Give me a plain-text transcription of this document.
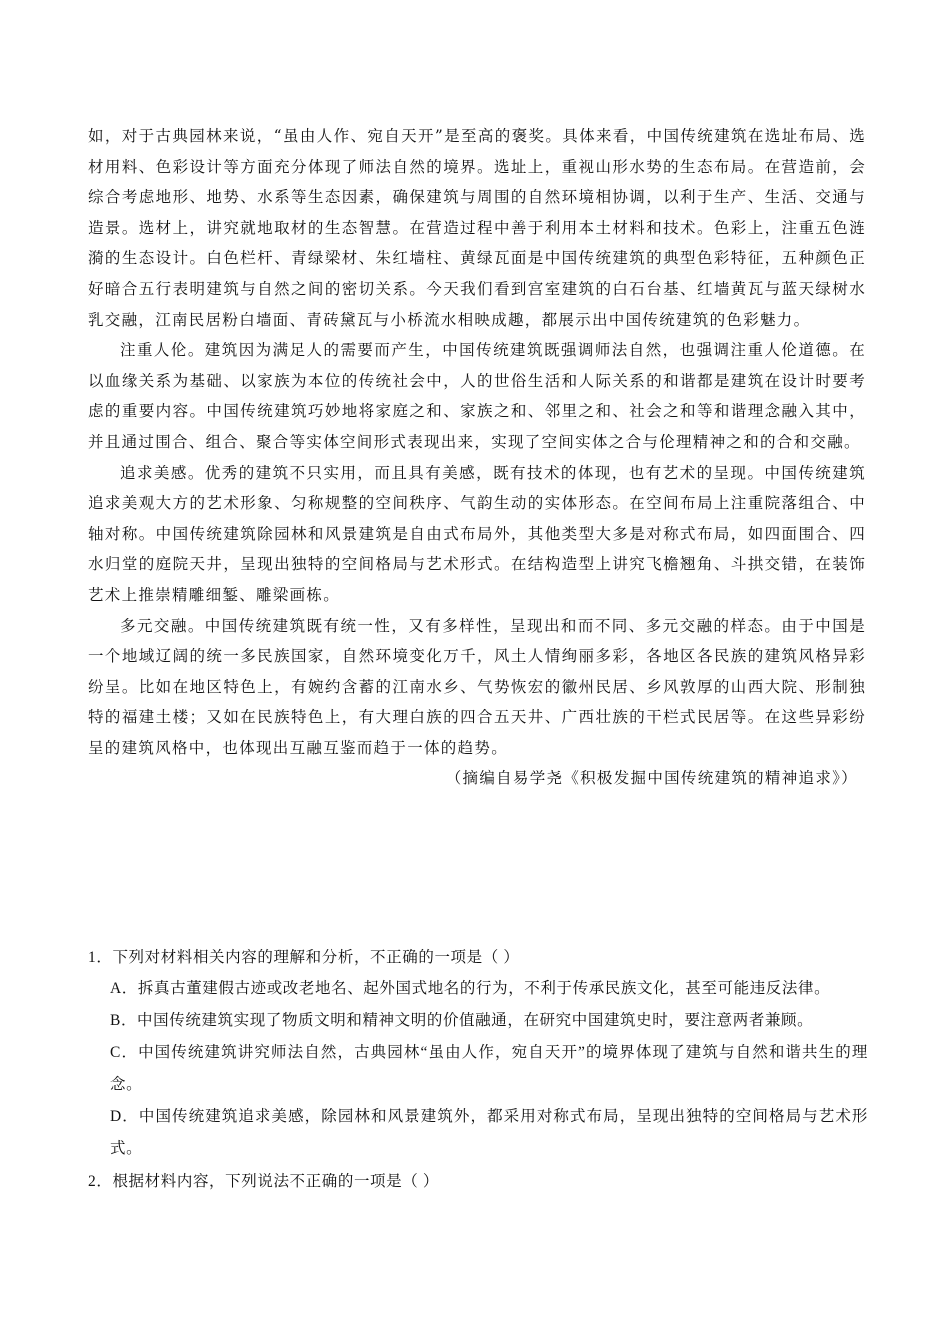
如，对于古典园林来说，“虽由人作、宛自天开”是至高的褒奖。具体来看，中国传统建筑在选址布局、选材用料、色彩设计等方面充分体现了师法自然的境界。选址上，重视山形水势的生态布局。在营造前，会综合考虑地形、地势、水系等生态因素，确保建筑与周围的自然环境相协调，以利于生产、生活、交通与造景。选材上，讲究就地取材的生态智慧。在营造过程中善于利用本土材料和技术。色彩上，注重五色涟漪的生态设计。白色栏杆、青绿梁材、朱红墙柱、黄绿瓦面是中国传统建筑的典型色彩特征，五种颜色正好暗合五行表明建筑与自然之间的密切关系。今天我们看到宫室建筑的白石台基、红墙黄瓦与蓝天绿树水乳交融，江南民居粉白墙面、青砖黛瓦与小桥流水相映成趣，都展示出中国传统建筑的色彩魅力。

注重人伦。建筑因为满足人的需要而产生，中国传统建筑既强调师法自然，也强调注重人伦道德。在以血缘关系为基础、以家族为本位的传统社会中，人的世俗生活和人际关系的和谐都是建筑在设计时要考虑的重要内容。中国传统建筑巧妙地将家庭之和、家族之和、邻里之和、社会之和等和谐理念融入其中，并且通过围合、组合、聚合等实体空间形式表现出来，实现了空间实体之合与伦理精神之和的合和交融。

追求美感。优秀的建筑不只实用，而且具有美感，既有技术的体现，也有艺术的呈现。中国传统建筑追求美观大方的艺术形象、匀称规整的空间秩序、气韵生动的实体形态。在空间布局上注重院落组合、中轴对称。中国传统建筑除园林和风景建筑是自由式布局外，其他类型大多是对称式布局，如四面围合、四水归堂的庭院天井，呈现出独特的空间格局与艺术形式。在结构造型上讲究飞檐翘角、斗拱交错，在装饰艺术上推崇精雕细錾、雕梁画栋。

多元交融。中国传统建筑既有统一性，又有多样性，呈现出和而不同、多元交融的样态。由于中国是一个地域辽阔的统一多民族国家，自然环境变化万千，风土人情绚丽多彩，各地区各民族的建筑风格异彩纷呈。比如在地区特色上，有婉约含蓄的江南水乡、气势恢宏的徽州民居、乡风敦厚的山西大院、形制独特的福建土楼；又如在民族特色上，有大理白族的四合五天井、广西壮族的干栏式民居等。在这些异彩纷呈的建筑风格中，也体现出互融互鉴而趋于一体的趋势。

（摘编自易学尧《积极发掘中国传统建筑的精神追求》）

1．下列对材料相关内容的理解和分析，不正确的一项是（ ）

A．拆真古董建假古迹或改老地名、起外国式地名的行为，不利于传承民族文化，甚至可能违反法律。

B．中国传统建筑实现了物质文明和精神文明的价值融通，在研究中国建筑史时，要注意两者兼顾。

C．中国传统建筑讲究师法自然，古典园林“虽由人作，宛自天开”的境界体现了建筑与自然和谐共生的理念。

D．中国传统建筑追求美感，除园林和风景建筑外，都采用对称式布局，呈现出独特的空间格局与艺术形式。

2．根据材料内容，下列说法不正确的一项是（ ）
